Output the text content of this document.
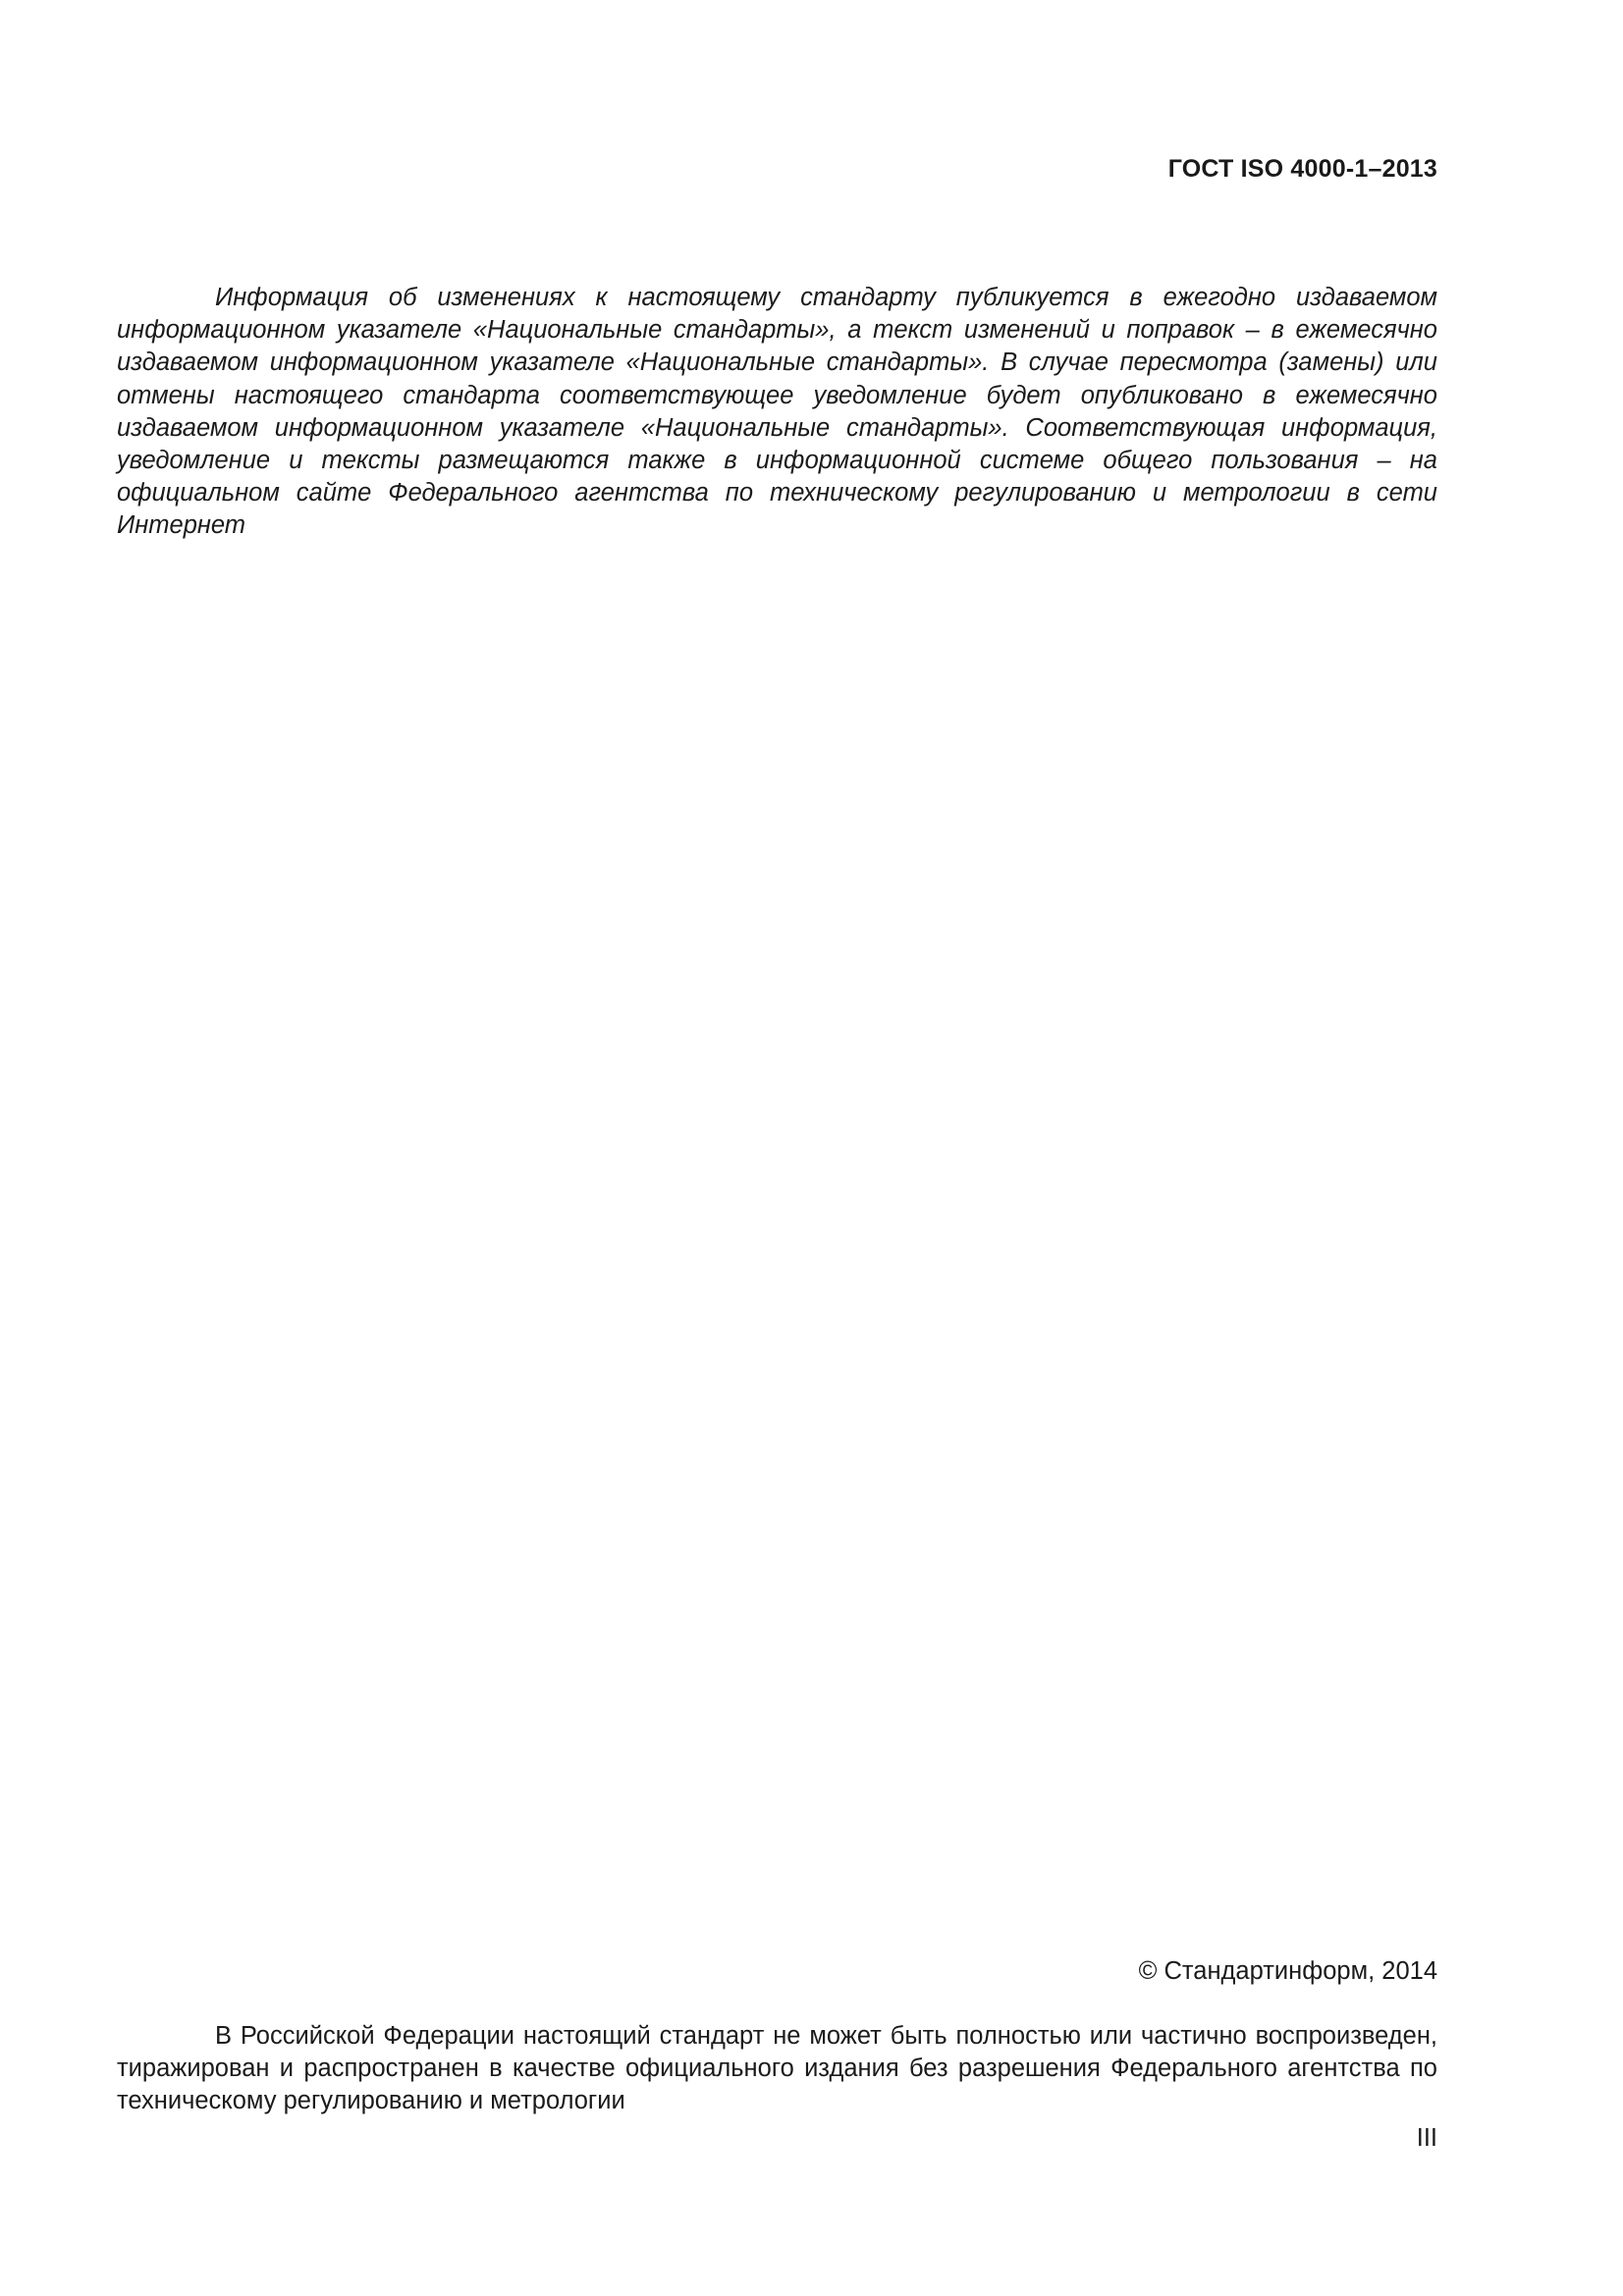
ГОСТ ISO 4000-1–2013

Информация об изменениях к настоящему стандарту публикуется в ежегодно издаваемом информационном указателе «Национальные стандарты», а текст изменений и поправок – в ежемесячно издаваемом информационном указателе «Национальные стандарты». В случае пересмотра (замены) или отмены настоящего стандарта соответствующее уведомление будет опубликовано в ежемесячно издаваемом информационном указателе «Национальные стандарты». Соответствующая информация, уведомление и тексты размещаются также в информационной системе общего пользования – на официальном сайте Федерального агентства по техническому регулированию и метрологии в сети Интернет

© Стандартинформ, 2014

В Российской Федерации настоящий стандарт не может быть полностью или частично воспроизведен, тиражирован и распространен в качестве официального издания без разрешения Федерального агентства по техническому регулированию и метрологии

III
